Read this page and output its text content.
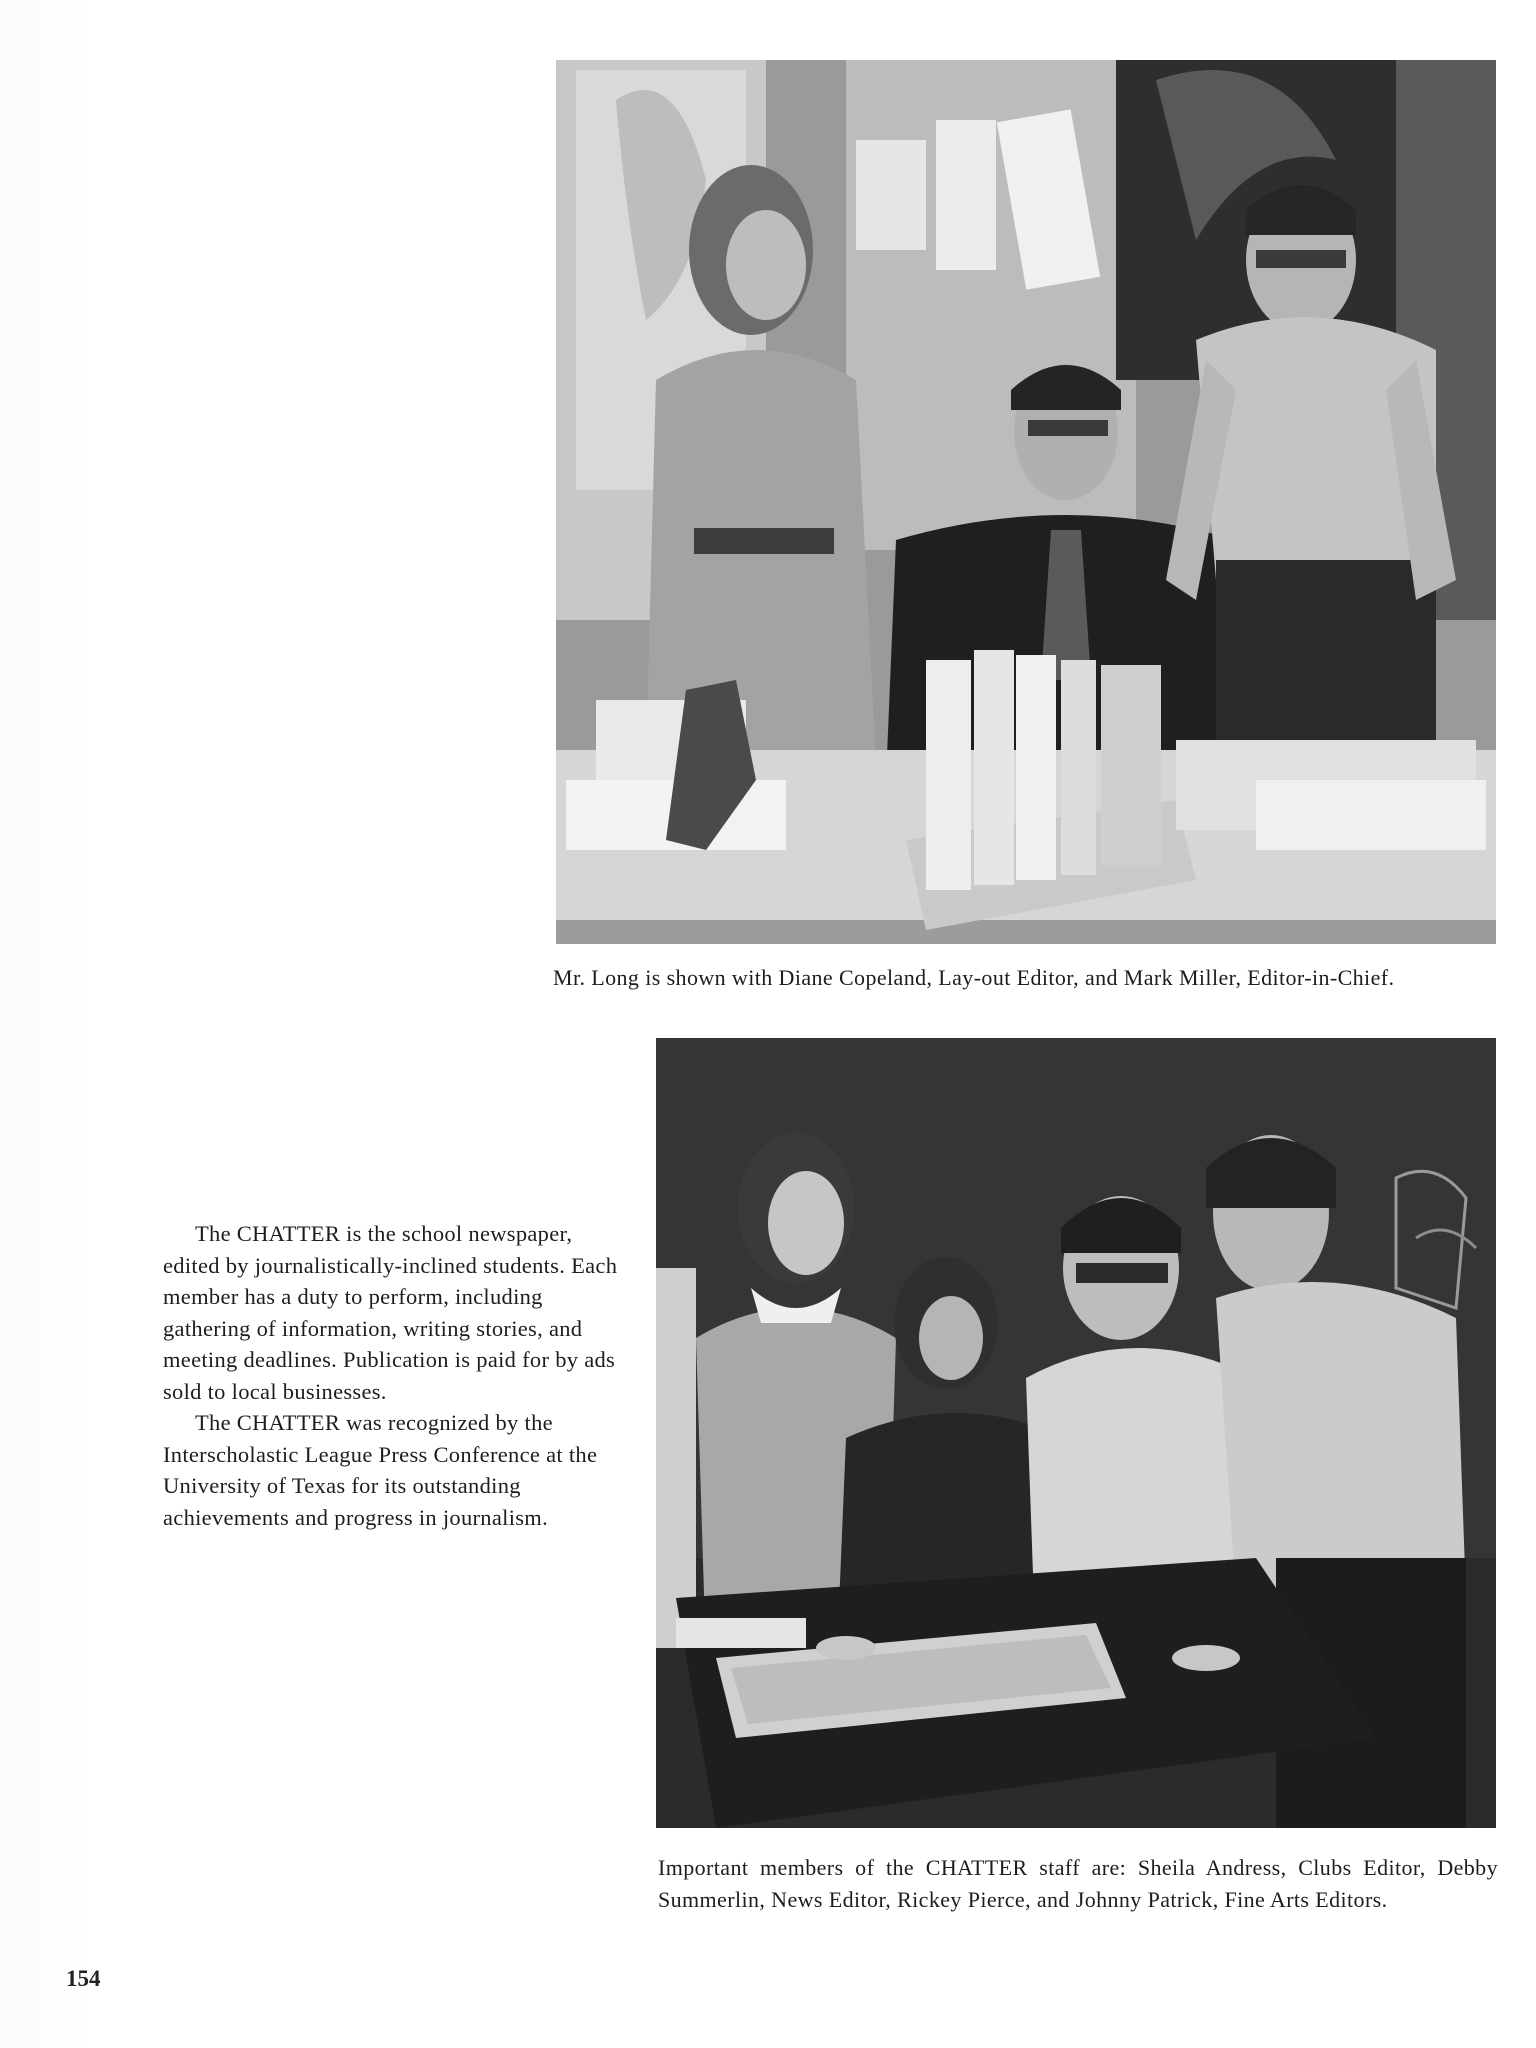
Mr. Long is shown with Diane Copeland, Lay-out Editor, and Mark Miller, Editor-in-Chief.

The CHATTER is the school newspaper, edited by journalistically-inclined students. Each member has a duty to perform, including gathering of information, writing stories, and meeting deadlines. Publication is paid for by ads sold to local businesses.

The CHATTER was recognized by the Interscholastic League Press Conference at the University of Texas for its outstanding achievements and progress in journalism.

Important members of the CHATTER staff are: Sheila Andress, Clubs Editor, Debby Summerlin, News Editor, Rickey Pierce, and Johnny Patrick, Fine Arts Editors.
154
